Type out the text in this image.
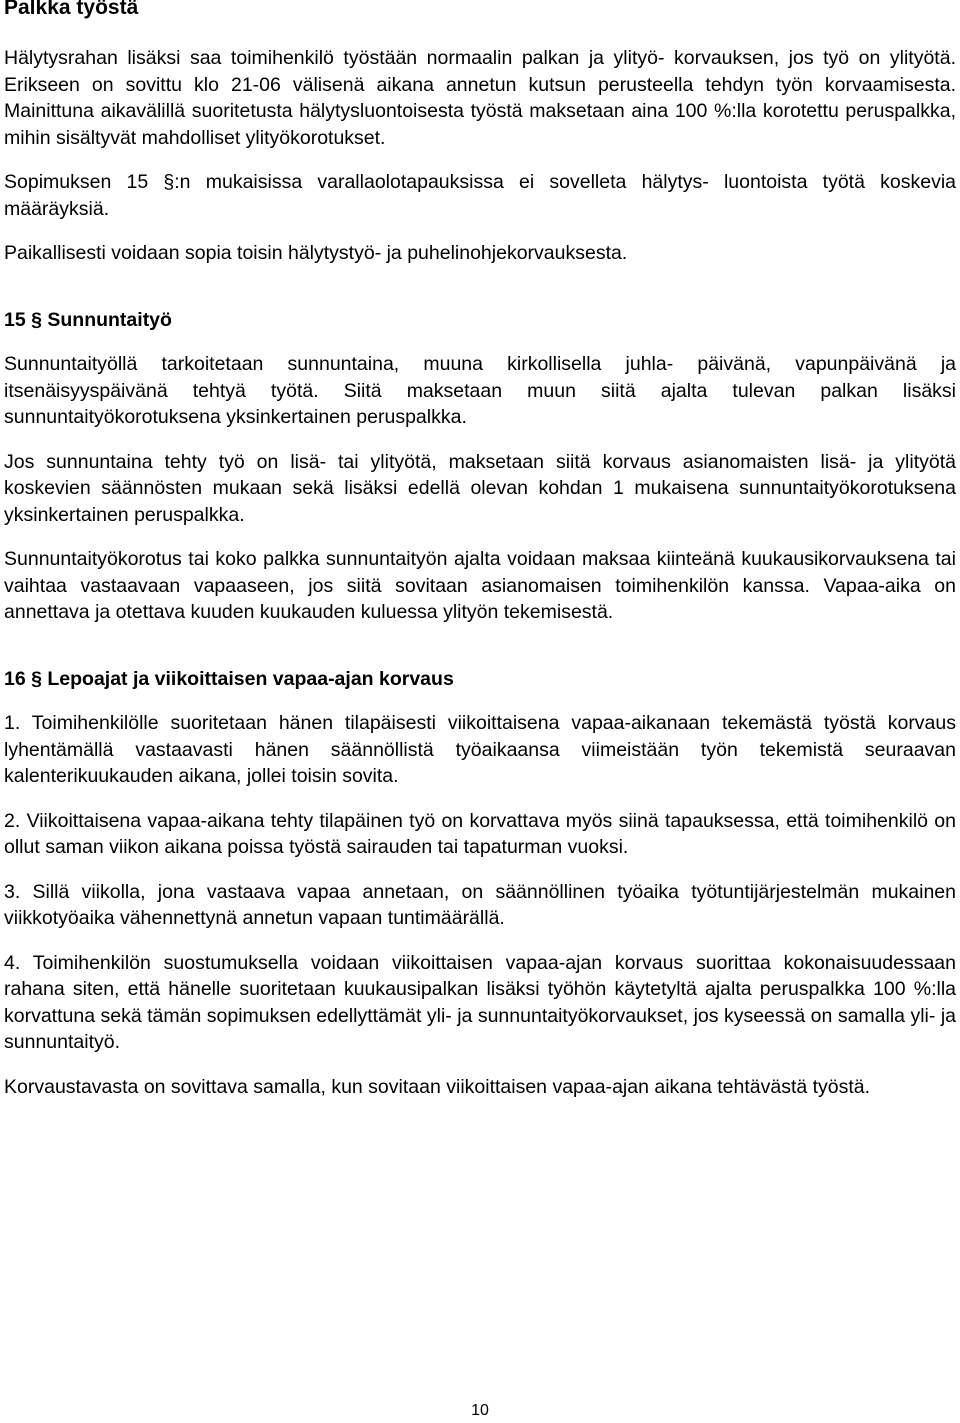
Palkka työstä

Hälytysrahan lisäksi saa toimihenkilö työstään normaalin palkan ja ylityö- korvauksen, jos työ on ylityötä. Erikseen on sovittu klo 21-06 välisenä aikana annetun kutsun perusteella tehdyn työn korvaamisesta. Mainittuna aikavälillä suoritetusta hälytysluontoisesta työstä maksetaan aina 100 %:lla korotettu peruspalkka, mihin sisältyvät mahdolliset ylityökorotukset.

Sopimuksen 15 §:n mukaisissa varallaolotapauksissa ei sovelleta hälytys- luontoista työtä koskevia määräyksiä.

Paikallisesti voidaan sopia toisin hälytystyö- ja puhelinohjekorvauksesta.

15 § Sunnuntaityö

Sunnuntaityöllä tarkoitetaan sunnuntaina, muuna kirkollisella juhla- päivänä, vapunpäivänä ja itsenäisyyspäivänä tehtyä työtä. Siitä maksetaan muun siitä ajalta tulevan palkan lisäksi sunnuntaityökorotuksena yksinkertainen peruspalkka.

Jos sunnuntaina tehty työ on lisä- tai ylityötä, maksetaan siitä korvaus asianomaisten lisä- ja ylityötä koskevien säännösten mukaan sekä lisäksi edellä olevan kohdan 1 mukaisena sunnuntaityökorotuksena yksinkertainen peruspalkka.

Sunnuntaityökorotus tai koko palkka sunnuntaityön ajalta voidaan maksaa kiinteänä kuukausikorvauksena tai vaihtaa vastaavaan vapaaseen, jos siitä sovitaan asianomaisen toimihenkilön kanssa. Vapaa-aika on annettava ja otettava kuuden kuukauden kuluessa ylityön tekemisestä.

16 § Lepoajat ja viikoittaisen vapaa-ajan korvaus

1. Toimihenkilölle suoritetaan hänen tilapäisesti viikoittaisena vapaa-aikanaan tekemästä työstä korvaus lyhentämällä vastaavasti hänen säännöllistä työaikaansa viimeistään työn tekemistä seuraavan kalenterikuukauden aikana, jollei toisin sovita.

2. Viikoittaisena vapaa-aikana tehty tilapäinen työ on korvattava myös siinä tapauksessa, että toimihenkilö on ollut saman viikon aikana poissa työstä sairauden tai tapaturman vuoksi.

3. Sillä viikolla, jona vastaava vapaa annetaan, on säännöllinen työaika työtuntijärjestelmän mukainen viikkotyöaika vähennettynä annetun vapaan tuntimäärällä.

4. Toimihenkilön suostumuksella voidaan viikoittaisen vapaa-ajan korvaus suorittaa kokonaisuudessaan rahana siten, että hänelle suoritetaan kuukausipalkan lisäksi työhön käytetyltä ajalta peruspalkka 100 %:lla korvattuna sekä tämän sopimuksen edellyttämät yli- ja sunnuntaityökorvaukset, jos kyseessä on samalla yli- ja sunnuntaityö.

Korvaustavasta on sovittava samalla, kun sovitaan viikoittaisen vapaa-ajan aikana tehtävästä työstä.

10
